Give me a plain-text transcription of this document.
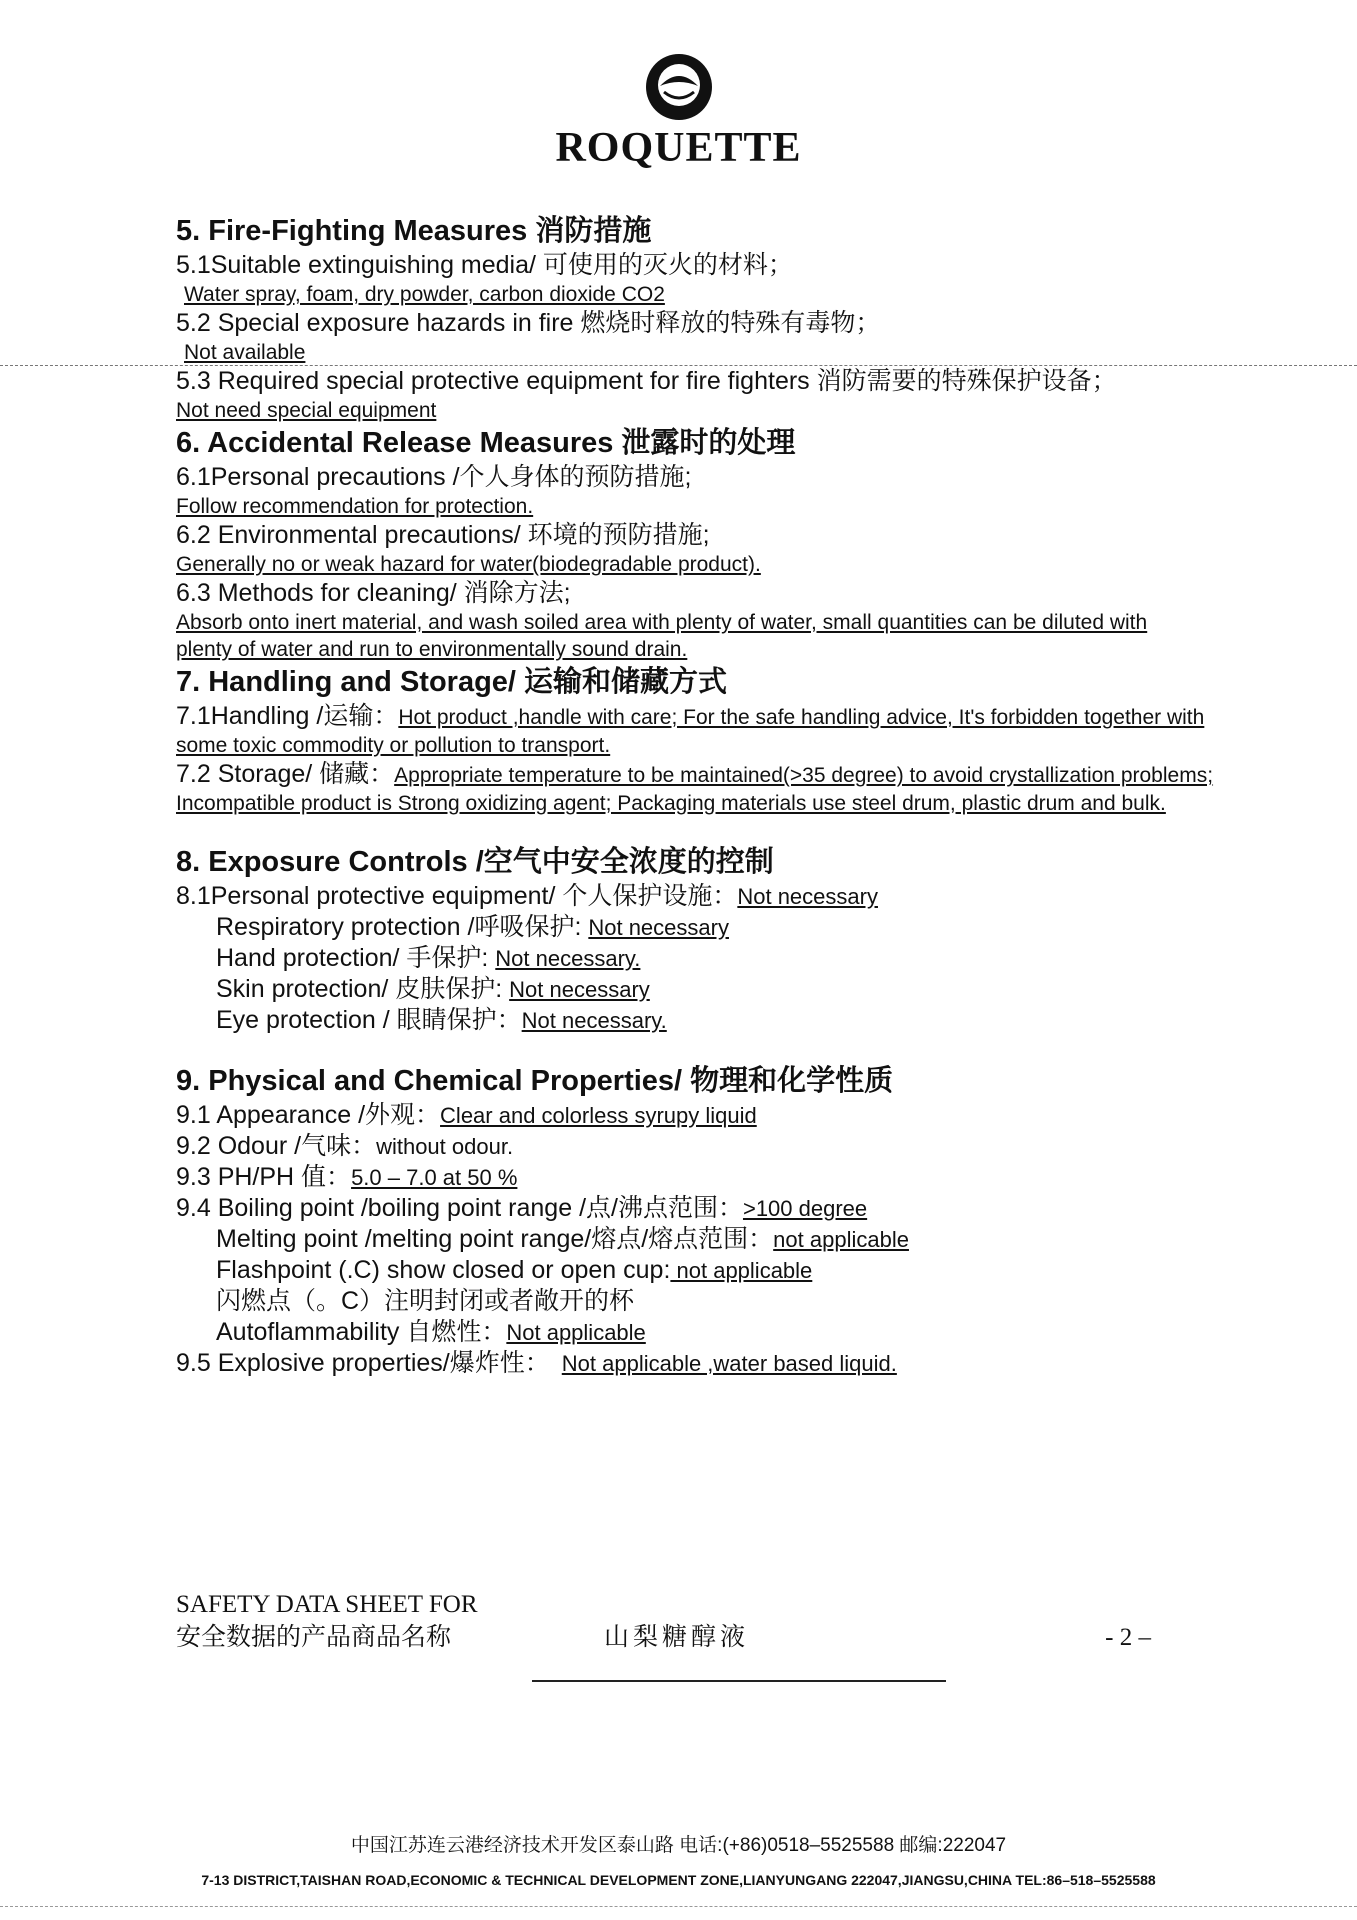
ROQUETTE
5. Fire-Fighting Measures 消防措施
5.1Suitable extinguishing media/ 可使用的灭火的材料；
Water spray, foam, dry powder, carbon dioxide CO2
5.2 Special exposure hazards in fire 燃烧时释放的特殊有毒物；
Not available
5.3 Required special protective equipment for fire fighters 消防需要的特殊保护设备；
Not need special equipment
6. Accidental Release Measures 泄露时的处理
6.1Personal precautions /个人身体的预防措施;
Follow recommendation for protection.
6.2 Environmental precautions/ 环境的预防措施;
Generally no or weak hazard for water(biodegradable product).
6.3 Methods for cleaning/ 消除方法;
Absorb onto inert material, and wash soiled area with plenty of water, small quantities can be diluted with plenty of water and run to environmentally sound drain.
7. Handling and Storage/ 运输和储藏方式
7.1Handling /运输：Hot product ,handle with care; For the safe handling advice, It's forbidden together with some toxic commodity or pollution to transport.
7.2 Storage/ 储藏：Appropriate temperature to be maintained(>35 degree) to avoid crystallization problems; Incompatible product is Strong oxidizing agent; Packaging materials use steel drum, plastic drum and bulk.
8. Exposure Controls /空气中安全浓度的控制
8.1Personal protective equipment/ 个人保护设施：Not necessary
Respiratory protection /呼吸保护: Not necessary
Hand protection/ 手保护: Not necessary.
Skin protection/ 皮肤保护: Not necessary
Eye protection / 眼睛保护：Not necessary.
9. Physical and Chemical Properties/ 物理和化学性质
9.1 Appearance /外观：Clear and colorless syrupy liquid
9.2 Odour /气味：without odour.
9.3 PH/PH 值：5.0 – 7.0 at 50 %
9.4 Boiling point /boiling point range /点/沸点范围：>100 degree
Melting point /melting point range/熔点/熔点范围：not applicable
Flashpoint (.C) show closed or open cup: not applicable
闪燃点（。C）注明封闭或者敞开的杯
Autoflammability 自燃性：Not applicable
9.5 Explosive properties/爆炸性： Not applicable ,water based liquid.
SAFETY DATA SHEET FOR
安全数据的产品商品名称	山梨糖醇液	- 2 –
中国江苏连云港经济技术开发区泰山路 电话:(+86)0518–5525588 邮编:222047
7-13 DISTRICT,TAISHAN ROAD,ECONOMIC & TECHNICAL DEVELOPMENT ZONE,LIANYUNGANG 222047,JIANGSU,CHINA TEL:86–518–5525588
